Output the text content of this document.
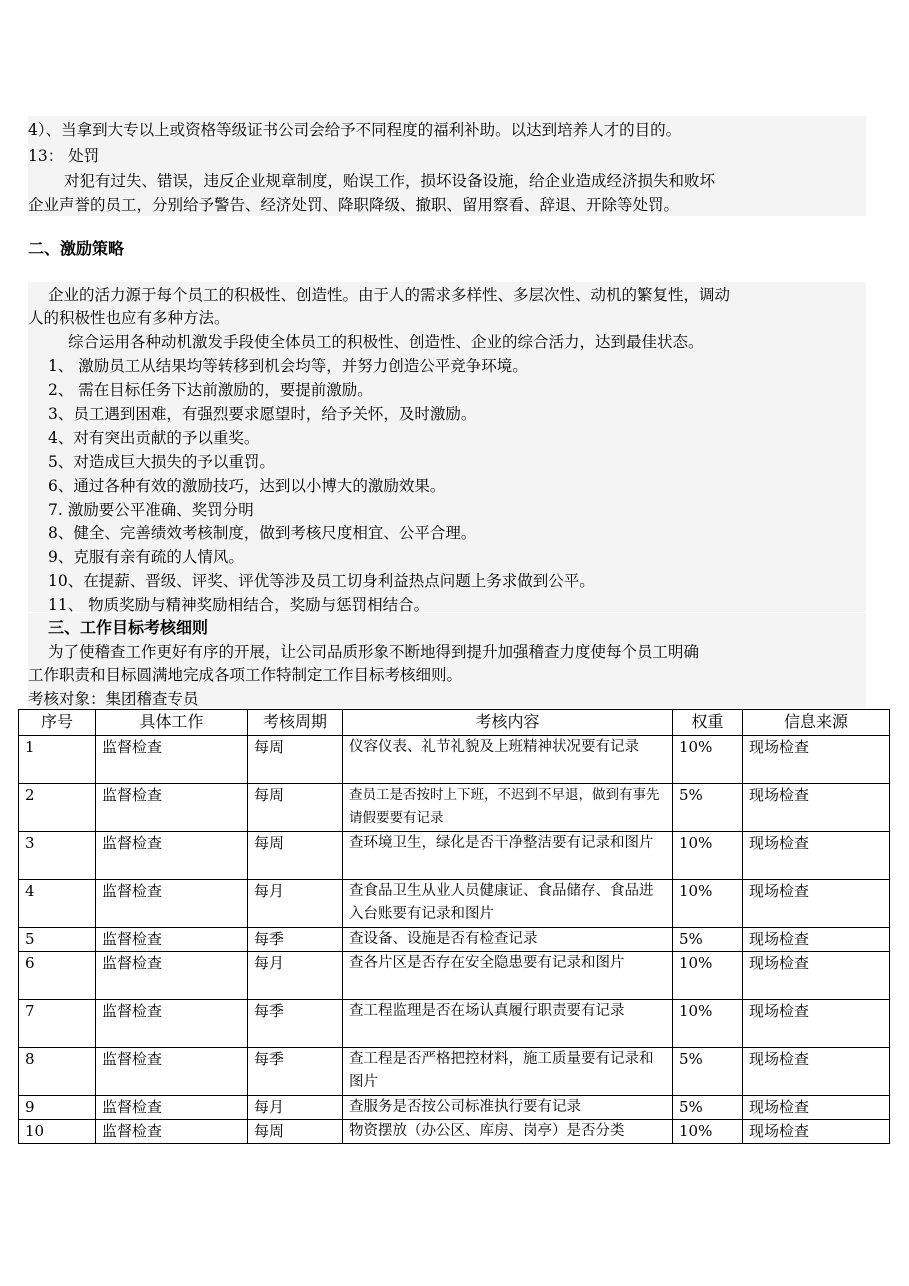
4）、当拿到大专以上或资格等级证书公司会给予不同程度的福利补助。以达到培养人才的目的。
13： 处罚
对犯有过失、错误，违反企业规章制度，贻误工作，损坏设备设施，给企业造成经济损失和败坏
企业声誉的员工，分别给予警告、经济处罚、降职降级、撤职、留用察看、辞退、开除等处罚。
二、激励策略
企业的活力源于每个员工的积极性、创造性。由于人的需求多样性、多层次性、动机的繁复性，调动
人的积极性也应有多种方法。
综合运用各种动机激发手段使全体员工的积极性、创造性、企业的综合活力，达到最佳状态。
1、 激励员工从结果均等转移到机会均等，并努力创造公平竞争环境。
2、 需在目标任务下达前激励的，要提前激励。
3、员工遇到困难，有强烈要求愿望时，给予关怀，及时激励。
4、对有突出贡献的予以重奖。
5、对造成巨大损失的予以重罚。
6、通过各种有效的激励技巧，达到以小博大的激励效果。
7. 激励要公平准确、奖罚分明
8、健全、完善绩效考核制度，做到考核尺度相宜、公平合理。
9、克服有亲有疏的人情风。
10、在提薪、晋级、评奖、评优等涉及员工切身利益热点问题上务求做到公平。
11、 物质奖励与精神奖励相结合，奖励与惩罚相结合。
三、工作目标考核细则
为了使稽查工作更好有序的开展，让公司品质形象不断地得到提升加强稽查力度使每个员工明确
工作职责和目标圆满地完成各项工作特制定工作目标考核细则。
考核对象：集团稽查专员
序号	具体工作	考核周期	考核内容	权重	信息来源
1	监督检查	每周	仪容仪表、礼节礼貌及上班精神状况要有记录	10%	现场检查
2	监督检查	每周	查员工是否按时上下班，不迟到不早退，做到有事先请假要要有记录	5%	现场检查
3	监督检查	每周	查环境卫生，绿化是否干净整洁要有记录和图片	10%	现场检查
4	监督检查	每月	查食品卫生从业人员健康证、食品储存、食品进入台账要有记录和图片	10%	现场检查
5	监督检查	每季	查设备、设施是否有检查记录	5%	现场检查
6	监督检查	每月	查各片区是否存在安全隐患要有记录和图片	10%	现场检查
7	监督检查	每季	查工程监理是否在场认真履行职责要有记录	10%	现场检查
8	监督检查	每季	查工程是否严格把控材料，施工质量要有记录和图片	5%	现场检查
9	监督检查	每月	查服务是否按公司标准执行要有记录	5%	现场检查
10	监督检查	每周	物资摆放（办公区、库房、岗亭）是否分类	10%	现场检查
